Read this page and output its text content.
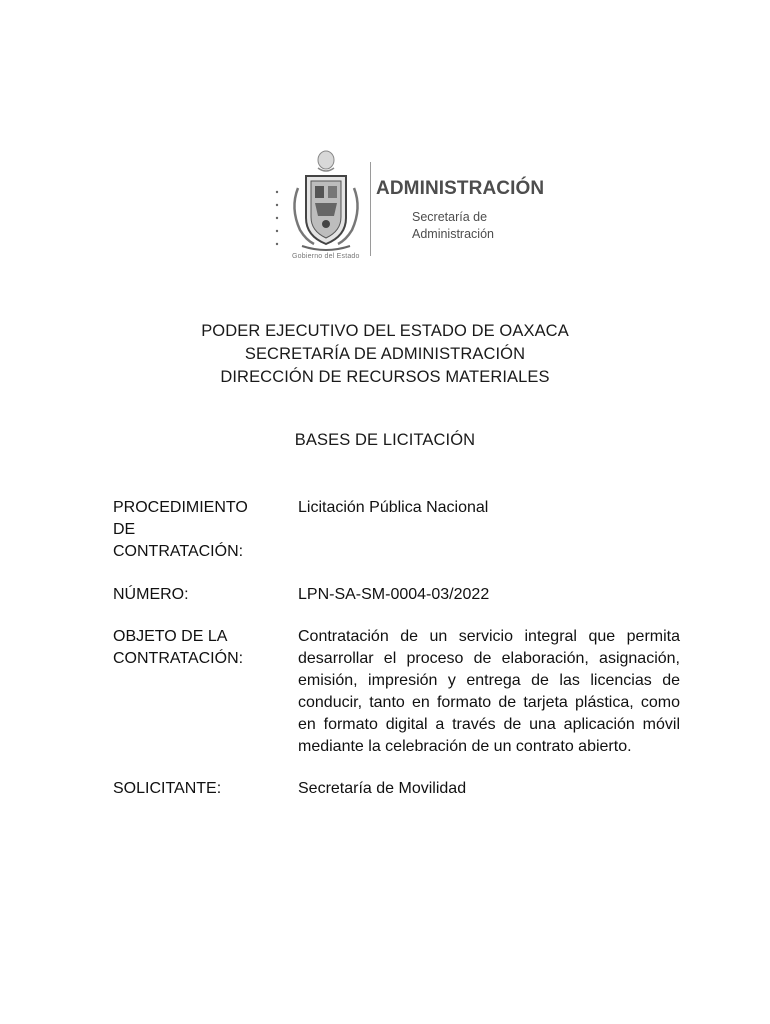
Gobierno del Estado
ADMINISTRACIÓN
Secretaría de
Administración
PODER EJECUTIVO DEL ESTADO DE OAXACA
SECRETARÍA DE ADMINISTRACIÓN
DIRECCIÓN DE RECURSOS MATERIALES
BASES DE LICITACIÓN
PROCEDIMIENTO
DE
CONTRATACIÓN:
Licitación Pública Nacional
NÚMERO:	LPN-SA-SM-0004-03/2022
OBJETO DE LA
CONTRATACIÓN:
Contratación de un servicio integral que permita desarrollar el proceso de elaboración, asignación, emisión, impresión y entrega de las licencias de conducir, tanto en formato de tarjeta plástica, como en formato digital a través de una aplicación móvil mediante la celebración de un contrato abierto.
SOLICITANTE:	Secretaría de Movilidad
